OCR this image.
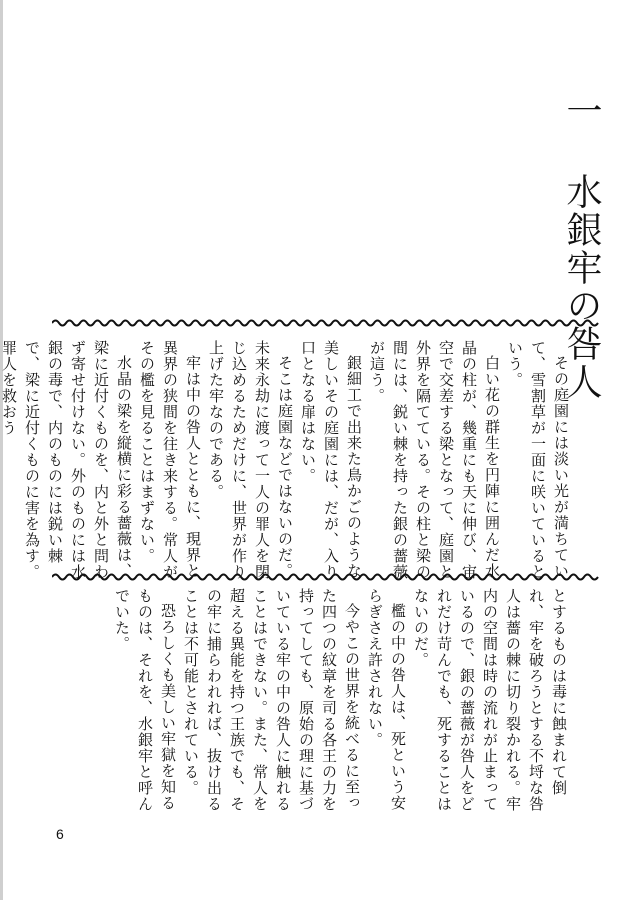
一 水銀牢の咎人

その庭園には淡い光が満ちていて、雪割草が一面に咲いているという。

白い花の群生を円陣に囲んだ水晶の柱が、幾重にも天に伸び、宙空で交差する梁となって、庭園と外界を隔てている。その柱と梁の間には、鋭い棘を持った銀の薔薇が這う。

銀細工で出来た鳥かごのような美しいその庭園には、だが、入り口となる扉はない。

そこは庭園などではないのだ。未来永劫に渡って一人の罪人を閉じ込めるためだけに、世界が作り上げた牢なのである。

牢は中の咎人とともに、現界と異界の狭間を往き来する。常人がその檻を見ることはまずない。

水晶の梁を縦横に彩る薔薇は、梁に近付くものを、内と外と問わず寄せ付けない。外のものには水銀の毒で、内のものには鋭い棘で、梁に近付くものに害を為す。罪人を救おう

とするものは毒に蝕まれて倒れ、牢を破ろうとする不埒な咎人は薔の棘に切り裂かれる。牢内の空間は時の流れが止まっているので、銀の薔薇が咎人をどれだけ苛んでも、死することはないのだ。

檻の中の咎人は、死という安らぎさえ許されない。

今やこの世界を統べるに至った四つの紋章を司る各王の力を持ってしても、原始の理に基づいている牢の中の咎人に触れることはできない。また、常人を超える異能を持つ王族でも、その牢に捕らわれれば、抜け出ることは不可能とされている。

恐ろしくも美しい牢獄を知るものは、それを、水銀牢と呼んでいた。

6
